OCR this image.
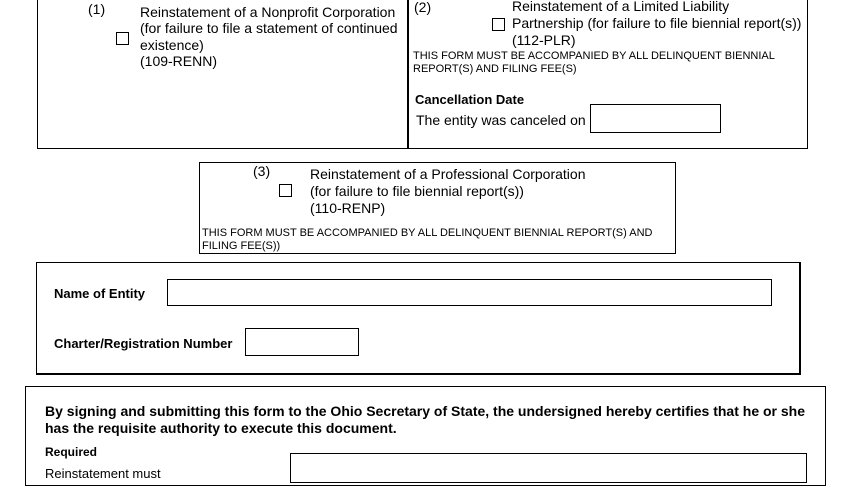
(1) Reinstatement of a Nonprofit Corporation
(for failure to file a statement of continued
existence)
(109-RENN)
(2)	Reinstatement of a Limited Liability
Partnership (for failure to file biennial report(s))
(112-PLR)
THIS FORM MUST BE ACCOMPANIED BY ALL DELINQUENT BIENNIAL
REPORT(S) AND FILING FEE(S)
Cancellation Date
The entity was canceled on
(3)	Reinstatement of a Professional Corporation
(for failure to file biennial report(s))
(110-RENP)
THIS FORM MUST BE ACCOMPANIED BY ALL DELINQUENT BIENNIAL REPORT(S) AND
FILING FEE(S))
Name of Entity
Charter/Registration Number
By signing and submitting this form to the Ohio Secretary of State, the undersigned hereby certifies that he or she
has the requisite authority to execute this document.
Required
Reinstatement must
